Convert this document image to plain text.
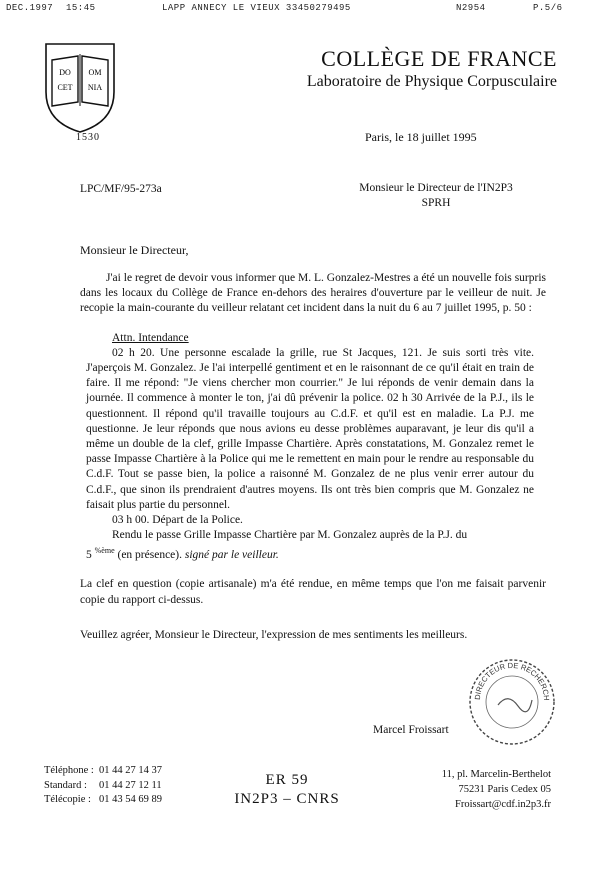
DEC.1997 15:45	LAPP ANNECY LE VIEUX 33450279495	N2954	P.5/6
DO OM
CET NIA
1530
COLLÈGE DE FRANCE
Laboratoire de Physique Corpusculaire
Paris, le 18 juillet 1995
LPC/MF/95-273a	Monsieur le Directeur de l'IN2P3
SPRH
Monsieur le Directeur,

J'ai le regret de devoir vous informer que M. L. Gonzalez-Mestres a été un nouvelle fois surpris dans les locaux du Collège de France en-dehors des heraires d'ouverture par le veilleur de nuit. Je recopie la main-courante du veilleur relatant cet incident dans la nuit du 6 au 7 juillet 1995, p. 50 :

Attn. Intendance

02 h 20. Une personne escalade la grille, rue St Jacques, 121. Je suis sorti très vite. J'aperçois M. Gonzalez. Je l'ai interpellé gentiment et en le raisonnant de ce qu'il était en train de faire. Il me répond: "Je viens chercher mon courrier." Je lui réponds de venir demain dans la journée. Il commence à monter le ton, j'ai dû prévenir la police. 02 h 30 Arrivée de la P.J., ils le questionnent. Il répond qu'il travaille toujours au C.d.F. et qu'il est en maladie. La P.J. me questionne. Je leur réponds que nous avions eu desse problèmes auparavant, je leur dis qu'il a même un double de la clef, grille Impasse Chartière. Après constatations, M. Gonzalez remet le passe Impasse Chartière à la Police qui me le remettent en main pour le rendre au responsable du C.d.F. Tout se passe bien, la police a raisonné M. Gonzalez de ne plus venir errer autour du C.d.F., que sinon ils prendraient d'autres moyens. Ils ont très bien compris que M. Gonzalez ne faisait plus partie du personnel.

03 h 00. Départ de la Police.

Rendu le passe Grille Impasse Chartière par M. Gonzalez auprès de la P.J. du

5 $^{\%ème}$ (en présence). signé par le veilleur.

La clef en question (copie artisanale) m'a été rendue, en même temps que l'on me faisait parvenir copie du rapport ci-dessus.

Veuillez agréer, Monsieur le Directeur, l'expression de mes sentiments les meilleurs.

DIRECTEUR DE RECHERCH
Marcel Froissart
Téléphone : 01 44 27 14 37
Standard : 01 44 27 12 11
Télécopie : 01 43 54 69 89
ER 59
IN2P3 – CNRS
11, pl. Marcelin-Berthelot
75231 Paris Cedex 05
Froissart@cdf.in2p3.fr
